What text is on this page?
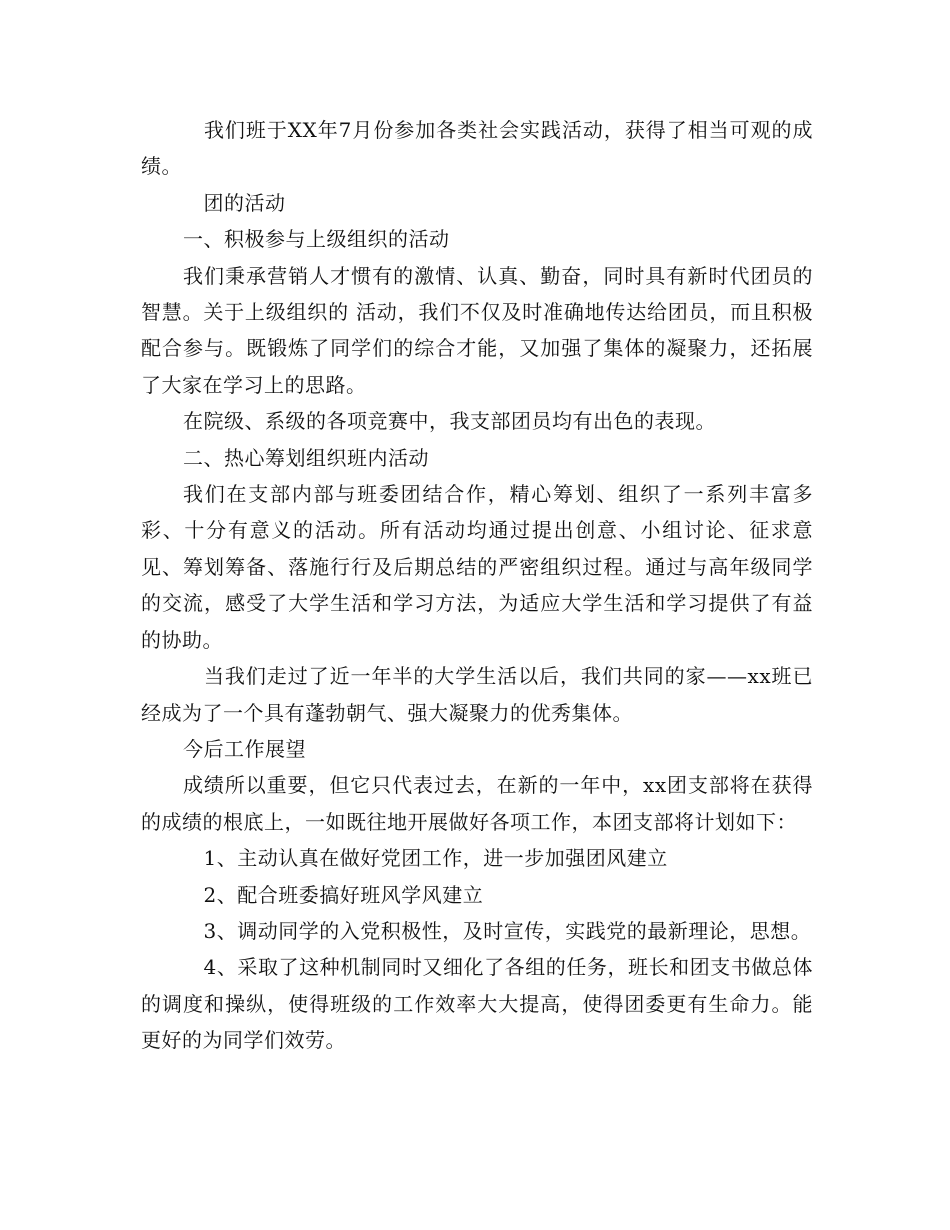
　我们班于XX年7月份参加各类社会实践活动，获得了相当可观的成绩。

　团的活动

一、积极参与上级组织的活动

我们秉承营销人才惯有的激情、认真、勤奋，同时具有新时代团员的智慧。关于上级组织的 活动，我们不仅及时准确地传达给团员，而且积极配合参与。既锻炼了同学们的综合才能，又加强了集体的凝聚力，还拓展了大家在学习上的思路。

在院级、系级的各项竞赛中，我支部团员均有出色的表现。

二、热心筹划组织班内活动

我们在支部内部与班委团结合作，精心筹划、组织了一系列丰富多彩、十分有意义的活动。所有活动均通过提出创意、小组讨论、征求意见、筹划筹备、落施行行及后期总结的严密组织过程。通过与高年级同学的交流，感受了大学生活和学习方法，为适应大学生活和学习提供了有益的协助。

　当我们走过了近一年半的大学生活以后，我们共同的家——xx班已经成为了一个具有蓬勃朝气、强大凝聚力的优秀集体。

今后工作展望

成绩所以重要，但它只代表过去，在新的一年中，xx团支部将在获得的成绩的根底上，一如既往地开展做好各项工作，本团支部将计划如下：

　1、主动认真在做好党团工作，进一步加强团风建立

　2、配合班委搞好班风学风建立

　3、调动同学的入党积极性，及时宣传，实践党的最新理论，思想。

　4、采取了这种机制同时又细化了各组的任务，班长和团支书做总体的调度和操纵，使得班级的工作效率大大提高，使得团委更有生命力。能更好的为同学们效劳。
